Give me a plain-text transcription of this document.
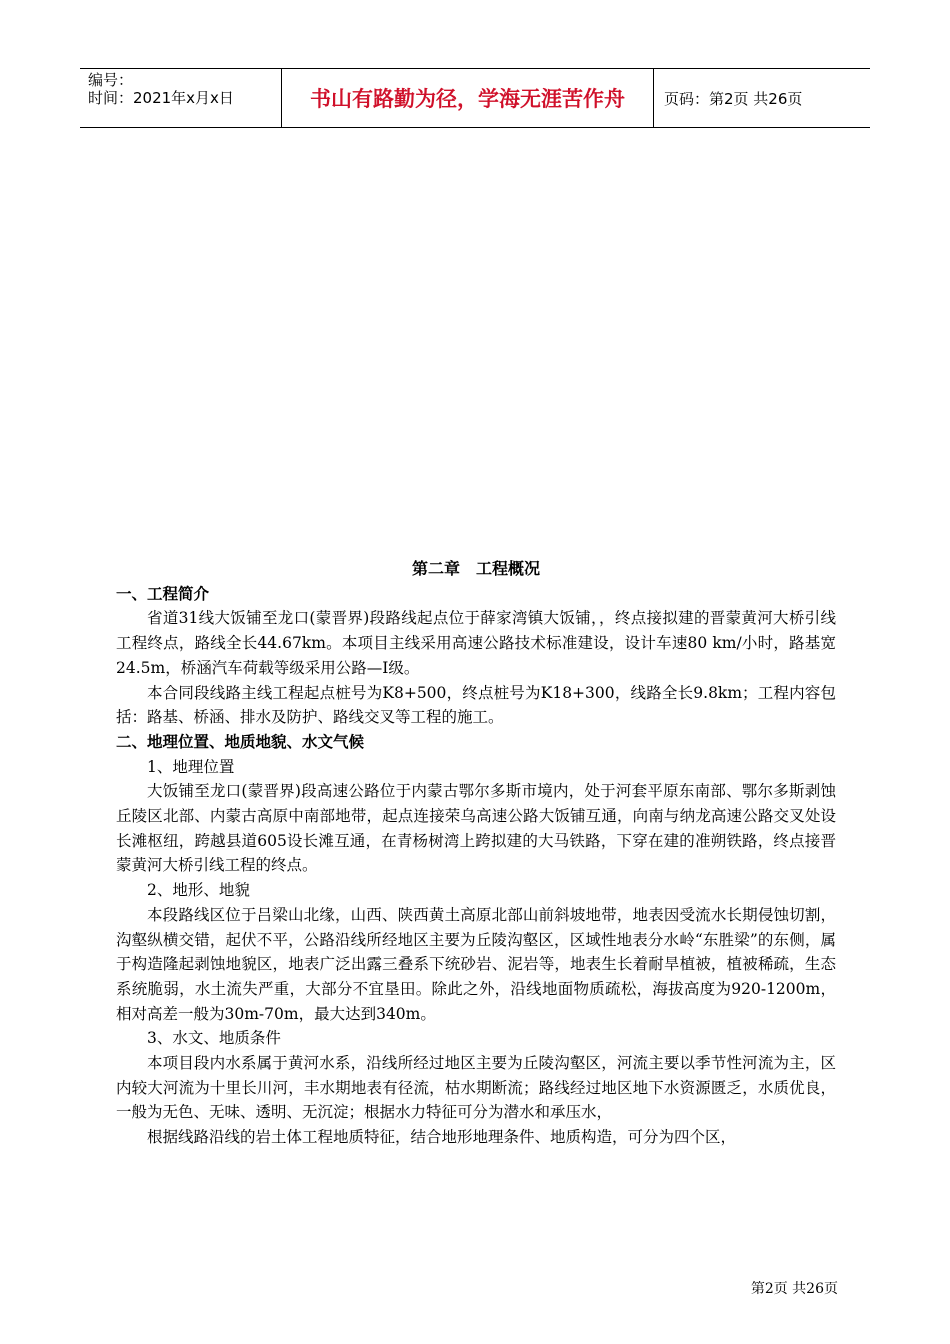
编号：
时间：2021年x月x日	书山有路勤为径，学海无涯苦作舟	页码：第2页 共26页

第二章　工程概况

一、工程简介

省道31线大饭铺至龙口(蒙晋界)段路线起点位于薛家湾镇大饭铺，，终点接拟建的晋蒙黄河大桥引线工程终点，路线全长44.67km。本项目主线采用高速公路技术标准建设，设计车速80 km/小时，路基宽24.5m，桥涵汽车荷载等级采用公路—Ⅰ级。

本合同段线路主线工程起点桩号为K8+500，终点桩号为K18+300，线路全长9.8km；工程内容包括：路基、桥涵、排水及防护、路线交叉等工程的施工。

二、地理位置、地质地貌、水文气候

1、地理位置

大饭铺至龙口(蒙晋界)段高速公路位于内蒙古鄂尔多斯市境内，处于河套平原东南部、鄂尔多斯剥蚀丘陵区北部、内蒙古高原中南部地带，起点连接荣乌高速公路大饭铺互通，向南与纳龙高速公路交叉处设长滩枢纽，跨越县道605设长滩互通，在青杨树湾上跨拟建的大马铁路，下穿在建的准朔铁路，终点接晋蒙黄河大桥引线工程的终点。

2、地形、地貌

本段路线区位于吕梁山北缘，山西、陕西黄土高原北部山前斜坡地带，地表因受流水长期侵蚀切割，沟壑纵横交错，起伏不平，公路沿线所经地区主要为丘陵沟壑区，区域性地表分水岭“东胜梁”的东侧，属于构造隆起剥蚀地貌区，地表广泛出露三叠系下统砂岩、泥岩等，地表生长着耐旱植被，植被稀疏，生态系统脆弱，水土流失严重，大部分不宜垦田。除此之外，沿线地面物质疏松，海拔高度为920-1200m，相对高差一般为30m-70m，最大达到340m。

3、水文、地质条件

本项目段内水系属于黄河水系，沿线所经过地区主要为丘陵沟壑区，河流主要以季节性河流为主，区内较大河流为十里长川河，丰水期地表有径流，枯水期断流；路线经过地区地下水资源匮乏，水质优良，一般为无色、无味、透明、无沉淀；根据水力特征可分为潜水和承压水，

根据线路沿线的岩土体工程地质特征，结合地形地理条件、地质构造，可分为四个区，

第2页 共26页
